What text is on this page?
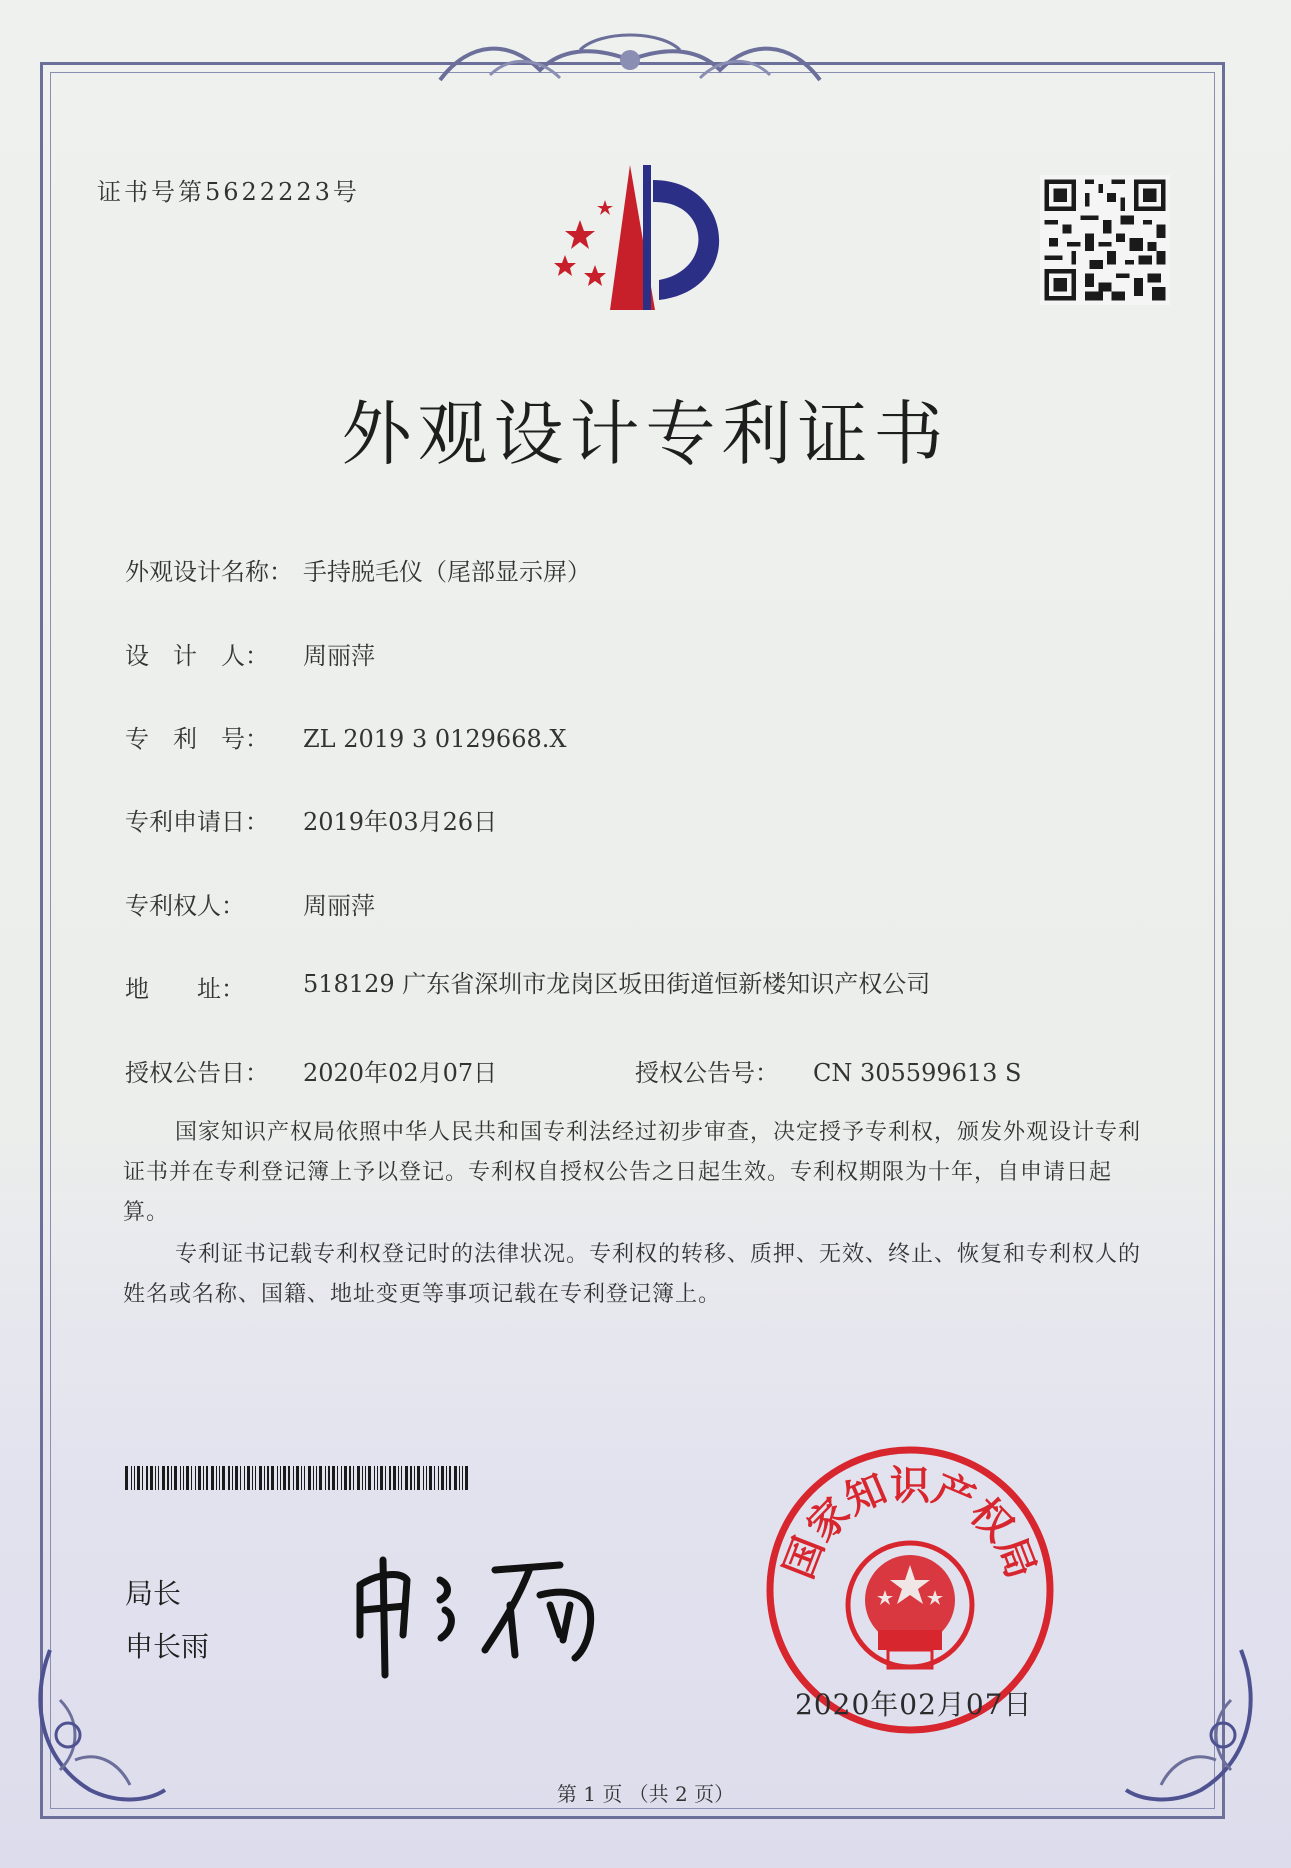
证书号第5622223号
外观设计专利证书
外观设计名称： 手持脱毛仪（尾部显示屏）
设　计　人： 周丽萍
专　利　号： ZL 2019 3 0129668.X
专利申请日： 2019年03月26日
专利权人： 周丽萍
地　　址：	518129 广东省深圳市龙岗区坂田街道恒新楼知识产权公司
授权公告日： 2020年02月07日	授权公告号： CN 305599613 S
国家知识产权局依照中华人民共和国专利法经过初步审查，决定授予专利权，颁发外观设计专利证书并在专利登记簿上予以登记。专利权自授权公告之日起生效。专利权期限为十年，自申请日起算。
专利证书记载专利权登记时的法律状况。专利权的转移、质押、无效、终止、恢复和专利权人的姓名或名称、国籍、地址变更等事项记载在专利登记簿上。
局长
申长雨
国家知识产权局
2020年02月07日
第 1 页 （共 2 页）
